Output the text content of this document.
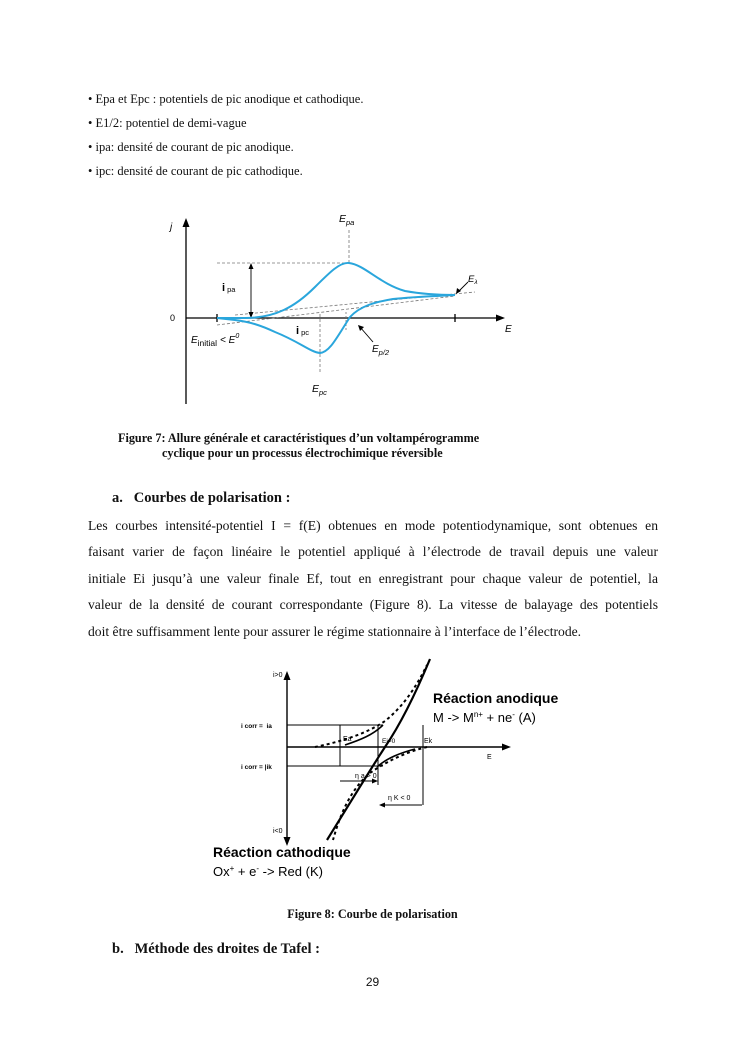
• Epa et Epc : potentiels de pic anodique et cathodique.
• E1/2: potentiel de demi-vague
• ipa: densité de courant de pic anodique.
• ipc: densité de courant de pic cathodique.
j
E
0
$E_{pa}$
$E_{pc}$
i pa
i pc
$E_\lambda$
$E_{p/2}$
$E_{initial} < E^0$
Figure 7: Allure générale et caractéristiques d’un voltampérogramme
cyclique pour un processus électrochimique réversible
a.   Courbes de polarisation :
Les courbes intensité-potentiel I = f(E) obtenues en mode potentiodynamique, sont obtenues en
faisant varier de façon linéaire le potentiel appliqué à l’électrode de travail depuis une valeur
initiale Ei jusqu’à une valeur finale Ef, tout en enregistrant pour chaque valeur de potentiel, la
valeur de la densité de courant correspondante (Figure 8). La vitesse de balayage des potentiels
doit être suffisamment lente pour assurer le régime stationnaire à l’interface de l’électrode.
i>0
i<0
i corr =  ia
i corr = |ik
E
Ea	Ei=0	Ek
η a > 0
η K < 0
Réaction anodique
$M -> M^{n+} + ne^-$ (A)
Réaction cathodique
Ox+ + e- -> Red (K)
Figure 8: Courbe de polarisation
b.   Méthode des droites de Tafel :
29
